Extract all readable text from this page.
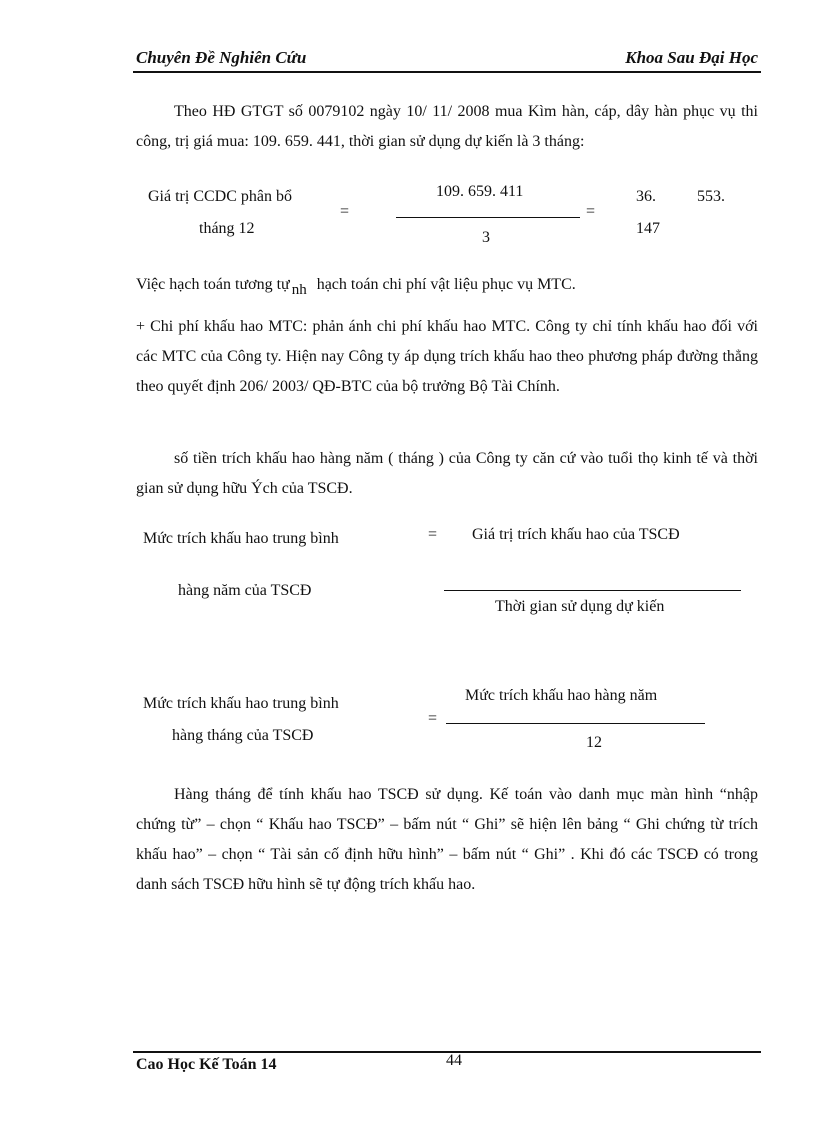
Chuyên Đề Nghiên Cứu	Khoa Sau Đại Học
Theo HĐ GTGT số 0079102 ngày 10/ 11/ 2008 mua Kìm hàn, cáp, dây hàn phục vụ thi công, trị giá mua: 109. 659. 441, thời gian sử dụng dự kiến là 3 tháng:
Giá trị CCDC phân bổ
tháng 12
=
109. 659. 411
3
=
36.	553.
147
Việc hạch toán tương tự nh hạch toán chi phí vật liệu phục vụ MTC.
+ Chi phí khấu hao MTC: phản ánh chi phí khấu hao MTC. Công ty chỉ tính khấu hao đối với các MTC của Công ty. Hiện nay Công ty áp dụng trích khấu hao theo phương pháp đường thẳng theo quyết định 206/ 2003/ QĐ-BTC của bộ trưởng Bộ Tài Chính.
số tiền trích khấu hao hàng năm ( tháng ) của Công ty căn cứ vào tuổi thọ kinh tế và thời gian sử dụng hữu Ých của TSCĐ.
Mức trích khấu hao trung bình
hàng năm của TSCĐ
= Giá trị trích khấu hao của TSCĐ
Thời gian sử dụng dự kiến
Mức trích khấu hao trung bình
hàng tháng của TSCĐ
Mức trích khấu hao hàng năm
=
12
Hàng tháng để tính khấu hao TSCĐ sử dụng. Kế toán vào danh mục màn hình “nhập chứng từ” – chọn “ Khấu hao TSCĐ” – bấm nút “ Ghi” sẽ hiện lên bảng “ Ghi chứng từ trích khấu hao” – chọn “ Tài sản cố định hữu hình” – bấm nút “ Ghi” . Khi đó các TSCĐ có trong danh sách TSCĐ hữu hình sẽ tự động trích khấu hao.
Cao Học Kế Toán 14	44
